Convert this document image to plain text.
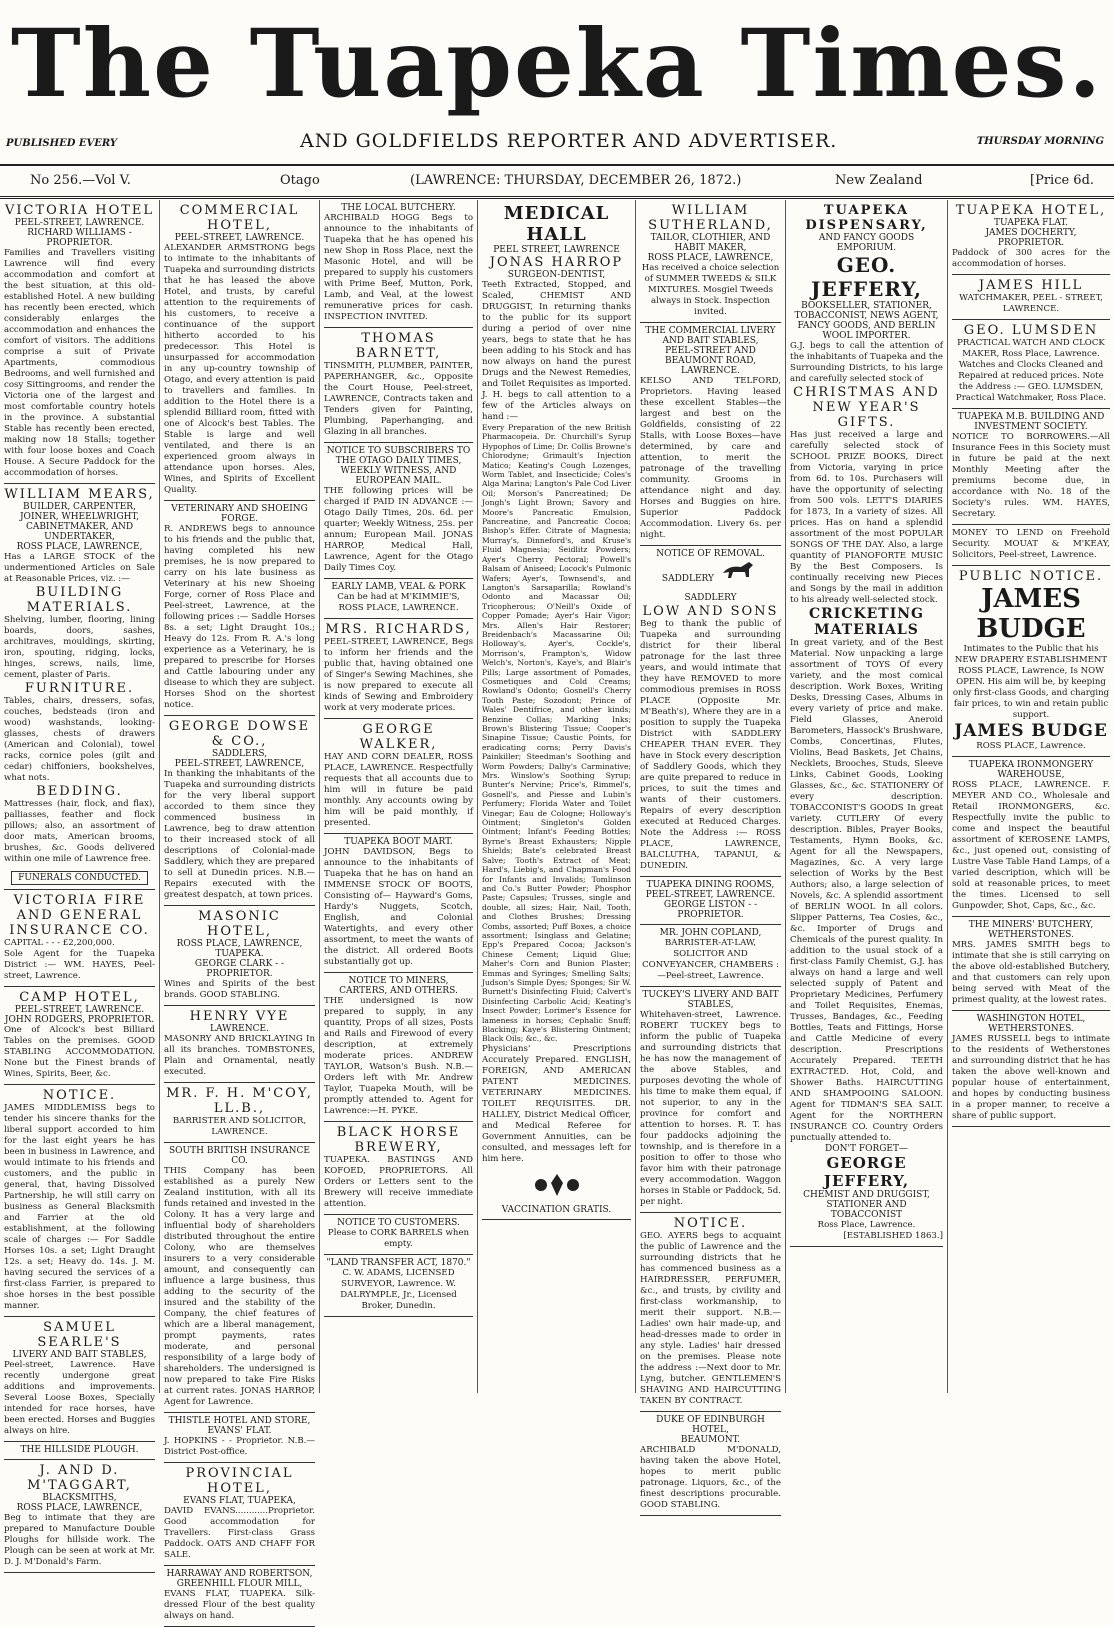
The Tuapeka Times.
PUBLISHED EVERY	AND GOLDFIELDS REPORTER AND ADVERTISER.	THURSDAY MORNING
No 256.—Vol V.	Otago	(LAWRENCE: THURSDAY, DECEMBER 26, 1872.)	New Zealand	[Price 6d.
VICTORIA HOTEL
PEEL-STREET, LAWRENCE.
RICHARD WILLIAMS - PROPRIETOR.
Families and Travellers visiting Lawrence will find every accommodation and comfort at the best situation, at this old-established Hotel. A new building has recently been erected, which considerably enlarges the accommodation and enhances the comfort of visitors. The additions comprise a suit of Private Apartments, commodious Bedrooms, and well furnished and cosy Sittingrooms, and render the Victoria one of the largest and most comfortable country hotels in the province. A substantial Stable has recently been erected, making now 18 Stalls; together with four loose boxes and Coach House. A Secure Paddock for the accommodation of horses.
WILLIAM MEARS,
BUILDER, CARPENTER, JOINER, WHEELWRIGHT, CABINETMAKER, AND UNDERTAKER,
ROSS PLACE, LAWRENCE,
Has a LARGE STOCK of the undermentioned Articles on Sale at Reasonable Prices, viz. :—
BUILDING MATERIALS.
Shelving, lumber, flooring, lining boards, doors, sashes, architraves, mouldings, skirting, iron, spouting, ridging, locks, hinges, screws, nails, lime, cement, plaster of Paris.
FURNITURE.
Tables, chairs, dressers, sofas, couches, bedsteads (iron and wood) washstands, looking-glasses, chests of drawers (American and Colonial), towel racks, cornice poles (gilt and cedar) chiffoniers, bookshelves, what nots.
BEDDING.
Mattresses (hair, flock, and flax), palliasses, feather and flock pillows; also, an assortment of door mats, American brooms, brushes, &c. Goods delivered within one mile of Lawrence free.
FUNERALS CONDUCTED.
VICTORIA FIRE AND GENERAL INSURANCE CO.
CAPITAL - - - £2,200,000.
Sole Agent for the Tuapeka District :— WM. HAYES, Peel-street, Lawrence.
CAMP HOTEL,
PEEL-STREET, LAWRENCE.
JOHN RODGERS, PROPRIETOR.
One of Alcock's best Billiard Tables on the premises. GOOD STABLING ACCOMMODATION. None but the Finest brands of Wines, Spirits, Beer, &c.
NOTICE.
JAMES MIDDLEMISS begs to tender his sincere thanks for the liberal support accorded to him for the last eight years he has been in business in Lawrence, and would intimate to his friends and customers, and the public in general, that, having Dissolved Partnership, he will still carry on business as General Blacksmith and Farrier at the old establishment, at the following scale of charges :— For Saddle Horses 10s. a set; Light Draught 12s. a set; Heavy do. 14s. J. M. having secured the services of a first-class Farrier, is prepared to shoe horses in the best possible manner.
SAMUEL SEARLE'S
LIVERY AND BAIT STABLES,
Peel-street, Lawrence. Have recently undergone great additions and improvements. Several Loose Boxes, Specially intended for race horses, have been erected. Horses and Buggies always on hire.
THE HILLSIDE PLOUGH.
J. AND D. M'TAGGART,
BLACKSMITHS,
ROSS PLACE, LAWRENCE,
Beg to intimate that they are prepared to Manufacture Double Ploughs for hillside work. The Plough can be seen at work at Mr. D. J. M'Donald's Farm.
COMMERCIAL HOTEL,
PEEL-STREET, LAWRENCE.
ALEXANDER ARMSTRONG begs to intimate to the inhabitants of Tuapeka and surrounding districts that he has leased the above Hotel, and trusts, by careful attention to the requirements of his customers, to receive a continuance of the support hitherto accorded to his predecessor. This Hotel is unsurpassed for accommodation in any up-country township of Otago, and every attention is paid to travellers and families. In addition to the Hotel there is a splendid Billiard room, fitted with one of Alcock's best Tables. The Stable is large and well ventilated, and there is an experienced groom always in attendance upon horses. Ales, Wines, and Spirits of Excellent Quality.
VETERINARY AND SHOEING FORGE.
R. ANDREWS begs to announce to his friends and the public that, having completed his new premises, he is now prepared to carry on his late business as Veterinary at his new Shoeing Forge, corner of Ross Place and Peel-street, Lawrence, at the following prices :— Saddle Horses 8s. a set; Light Draught 10s.; Heavy do 12s. From R. A.'s long experience as a Veterinary, he is prepared to prescribe for Horses and Cattle labouring under any disease to which they are subject. Horses Shod on the shortest notice.
GEORGE DOWSE & CO.,
SADDLERS,
PEEL-STREET, LAWRENCE,
In thanking the inhabitants of the Tuapeka and surrounding districts for the very liberal support accorded to them since they commenced business in Lawrence, beg to draw attention to their increased stock of all descriptions of Colonial-made Saddlery, which they are prepared to sell at Dunedin prices. N.B.—Repairs executed with the greatest despatch, at town prices.
MASONIC HOTEL,
ROSS PLACE, LAWRENCE, TUAPEKA.
GEORGE CLARK - - PROPRIETOR.
Wines and Spirits of the best brands. GOOD STABLING.
HENRY VYE
LAWRENCE.
MASONRY AND BRICKLAYING In all its branches. TOMBSTONES, Plain and Ornamental, neatly executed.
MR. F. H. M'COY, LL.B.,
BARRISTER AND SOLICITOR, LAWRENCE.
SOUTH BRITISH INSURANCE CO.
THIS Company has been established as a purely New Zealand institution, with all its funds retained and invested in the Colony. It has a very large and influential body of shareholders distributed throughout the entire Colony, who are themselves insurers to a very considerable amount, and consequently can influence a large business, thus adding to the security of the insured and the stability of the Company, the chief features of which are a liberal management, prompt payments, rates moderate, and personal responsibility of a large body of shareholders. The undersigned is now prepared to take Fire Risks at current rates. JONAS HARROP, Agent for Lawrence.
THISTLE HOTEL AND STORE,
EVANS' FLAT.
J. HOPKINS - - Proprietor. N.B.—District Post-office.
PROVINCIAL HOTEL,
EVANS FLAT, TUAPEKA,
DAVID EVANS............Proprietor. Good accommodation for Travellers. First-class Grass Paddock. OATS AND CHAFF FOR SALE.
HARRAWAY AND ROBERTSON,
GREENHILL FLOUR MILL,
EVANS FLAT, TUAPEKA. Silk-dressed Flour of the best quality always on hand.
THE LOCAL BUTCHERY.
ARCHIBALD HOGG Begs to announce to the inhabitants of Tuapeka that he has opened his new Shop in Ross Place, next the Masonic Hotel, and will be prepared to supply his customers with Prime Beef, Mutton, Pork, Lamb, and Veal, at the lowest remunerative prices for cash. INSPECTION INVITED.
THOMAS BARNETT,
TINSMITH, PLUMBER, PAINTER, PAPERHANGER, &c., Opposite the Court House, Peel-street, LAWRENCE, Contracts taken and Tenders given for Painting, Plumbing, Paperhanging, and Glazing in all branches.
NOTICE TO SUBSCRIBERS TO THE OTAGO DAILY TIMES, WEEKLY WITNESS, AND EUROPEAN MAIL.
THE following prices will be charged if PAID IN ADVANCE :— Otago Daily Times, 20s. 6d. per quarter; Weekly Witness, 25s. per annum; European Mail. JONAS HARROP, Medical Hall, Lawrence, Agent for the Otago Daily Times Coy.
EARLY LAMB, VEAL & PORK
Can be had at M'KIMMIE'S, ROSS PLACE, LAWRENCE.
MRS. RICHARDS,
PEEL-STREET, LAWRENCE, Begs to inform her friends and the public that, having obtained one of Singer's Sewing Machines, she is now prepared to execute all kinds of Sewing and Embroidery work at very moderate prices.
GEORGE WALKER,
HAY AND CORN DEALER, ROSS PLACE, LAWRENCE. Respectfully requests that all accounts due to him will in future be paid monthly. Any accounts owing by him will be paid monthly, if presented.
TUAPEKA BOOT MART.
JOHN DAVIDSON, Begs to announce to the inhabitants of Tuapeka that he has on hand an IMMENSE STOCK OF BOOTS, Consisting of— Hayward's Goms, Hardy's Nuggets, Scotch, English, and Colonial Watertights, and every other assortment, to meet the wants of the district. All ordered Boots substantially got up.
NOTICE TO MINERS, CARTERS, AND OTHERS.
THE undersigned is now prepared to supply, in any quantity, Props of all sizes, Posts and Rails and Firewood of every description, at extremely moderate prices. ANDREW TAYLOR, Watson's Bush. N.B.—Orders left with Mr. Andrew Taylor, Tuapeka Mouth, will be promptly attended to. Agent for Lawrence:—H. PYKE.
BLACK HORSE BREWERY,
TUAPEKA. BASTINGS AND KOFOED, PROPRIETORS. All Orders or Letters sent to the Brewery will receive immediate attention.
NOTICE TO CUSTOMERS.
Please to CORK BARRELS when empty.
"LAND TRANSFER ACT, 1870."
C. W. ADAMS, LICENSED SURVEYOR, Lawrence. W. DALRYMPLE, Jr., Licensed Broker, Dunedin.
MEDICAL HALL
PEEL STREET, LAWRENCE
JONAS HARROP
SURGEON-DENTIST,
Teeth Extracted, Stopped, and Scaled, CHEMIST AND DRUGGIST, In returning thanks to the public for its support during a period of over nine years, begs to state that he has been adding to his Stock and has now always on hand the purest Drugs and the Newest Remedies, and Toilet Requisites as imported. J. H. begs to call attention to a few of the Articles always on hand :—
Every Preparation of the new British Pharmacopeia. Dr. Churchill's Syrup Hypophos of Lime; Dr. Collis Browne's Chlorodyne; Grimault's Injection Matico; Keating's Cough Lozenges, Worm Tablet, and Insecticide; Coles's Alga Marina; Langton's Pale Cod Liver Oil; Morson's Pancreatined; De Jongh's Light Brown; Savory and Moore's Pancreatic Emulsion, Pancreatine, and Pancreatic Cocoa; Bishop's Effer. Citrate of Magnesia; Murray's, Dinneford's, and Kruse's Fluid Magnesia; Seidlitz Powders; Ayer's Cherry Pectoral; Powell's Balsam of Aniseed; Locock's Pulmonic Wafers; Ayer's, Townsend's, and Langton's Sarsaparilla; Rowland's Odonto and Macassar Oil; Tricopherous; O'Neill's Oxide of Copper Pomade; Ayer's Hair Vigor; Mrs. Allen's Hair Restorer; Breidenbach's Macassarine Oil; Holloway's, Ayer's, Cockle's, Morrison's, Frampton's, Widow Welch's, Norton's, Kaye's, and Blair's Pills; Large assortment of Pomades, Cosmetiques and Cold Creams; Rowland's Odonto; Gosnell's Cherry Tooth Paste; Sozodont; Prince of Wales' Dentifrice, and other kinds; Benzine Collas; Marking Inks; Brown's Blistering Tissue; Cooper's Sinapine Tissue; Caustic Points, for eradicating corns; Perry Davis's Painkiller; Steedman's Soothing and Worm Powders; Dalby's Carminative; Mrs. Winslow's Soothing Syrup; Bunter's Nervine; Price's, Rimmel's, Gosnell's, and Piesse and Lubin's Perfumery; Florida Water and Toilet Vinegar; Eau de Cologne; Holloway's Ointment; Singleton's Golden Ointment; Infant's Feeding Bottles; Byrne's Breast Exhausters; Nipple Shields; Bate's celebrated Breast Salve; Tooth's Extract of Meat; Hard's, Liebig's, and Chapman's Food for Infants and Invalids; Tomlinson and Co.'s Butter Powder; Phosphor Paste; Capsules; Trusses, single and double, all sizes; Hair, Nail, Tooth, and Clothes Brushes; Dressing Combs, assorted; Puff Boxes, a choice assortment; Isinglass and Gelatine; Epp's Prepared Cocoa; Jackson's Chinese Cement; Liquid Glue; Maher's Corn and Bunion Plaster; Emmas and Syringes; Smelling Salts; Judson's Simple Dyes; Sponges; Sir W. Burnett's Disinfecting Fluid; Calvert's Disinfecting Carbolic Acid; Keating's Insect Powder; Lorimer's Essence for lameness in horses; Cephalic Snuff; Blacking; Kaye's Blistering Ointment; Black Oils; &c., &c.
Physicians' Prescriptions Accurately Prepared. ENGLISH, FOREIGN, AND AMERICAN PATENT MEDICINES. VETERINARY MEDICINES. TOILET REQUISITES. DR. HALLEY, District Medical Officer, and Medical Referee for Government Annuities, can be consulted, and messages left for him here.
VACCINATION GRATIS.
WILLIAM SUTHERLAND,
TAILOR, CLOTHIER, AND HABIT MAKER,
ROSS PLACE, LAWRENCE,
Has received a choice selection of SUMMER TWEEDS & SILK MIXTURES. Mosgiel Tweeds always in Stock. Inspection invited.
THE COMMERCIAL LIVERY AND BAIT STABLES,
PEEL-STREET AND BEAUMONT ROAD, LAWRENCE.
KELSO AND TELFORD, Proprietors. Having leased these excellent Stables—the largest and best on the Goldfields, consisting of 22 Stalls, with Loose Boxes—have determined, by care and attention, to merit the patronage of the travelling community. Grooms in attendance night and day. Horses and Buggies on hire. Superior Paddock Accommodation. Livery 6s. per night.
NOTICE OF REMOVAL.
SADDLERY  SADDLERY
LOW AND SONS
Beg to thank the public of Tuapeka and surrounding district for their liberal patronage for the last three years, and would intimate that they have REMOVED to more commodious premises in ROSS PLACE (Opposite Mr. M'Beath's), Where they are in a position to supply the Tuapeka District with SADDLERY CHEAPER THAN EVER. They have in Stock every description of Saddlery Goods, which they are quite prepared to reduce in prices, to suit the times and wants of their customers. Repairs of every description executed at Reduced Charges. Note the Address :— ROSS PLACE, LAWRENCE, BALCLUTHA, TAPANUI, & DUNEDIN.
TUAPEKA DINING ROOMS,
PEEL-STREET, LAWRENCE.
GEORGE LISTON - - PROPRIETOR.
MR. JOHN COPLAND,
BARRISTER-AT-LAW, SOLICITOR AND CONVEYANCER, CHAMBERS :—Peel-street, Lawrence.
TUCKEY'S LIVERY AND BAIT STABLES,
Whitehaven-street, Lawrence. ROBERT TUCKEY begs to inform the public of Tuapeka and surrounding districts that he has now the management of the above Stables, and purposes devoting the whole of his time to make them equal, if not superior, to any in the province for comfort and attention to horses. R. T. has four paddocks adjoining the township, and is therefore in a position to offer to those who favor him with their patronage every accommodation. Waggon horses in Stable or Paddock, 5d. per night.
NOTICE.
GEO. AYERS begs to acquaint the public of Lawrence and the surrounding districts that he has commenced business as a HAIRDRESSER, PERFUMER, &c., and trusts, by civility and first-class workmanship, to merit their support. N.B.—Ladies' own hair made-up, and head-dresses made to order in any style. Ladies' hair dressed on the premises. Please note the address :—Next door to Mr. Lyng, butcher. GENTLEMEN'S SHAVING AND HAIRCUTTING TAKEN BY CONTRACT.
DUKE OF EDINBURGH HOTEL,
BEAUMONT.
ARCHIBALD M'DONALD, having taken the above Hotel, hopes to merit public patronage. Liquors, &c., of the finest descriptions procurable. GOOD STABLING.
TUAPEKA DISPENSARY,
AND FANCY GOODS EMPORIUM.
GEO. JEFFERY,
BOOKSELLER, STATIONER, TOBACCONIST, NEWS AGENT, FANCY GOODS, AND BERLIN WOOL IMPORTER.
G.J. begs to call the attention of the inhabitants of Tuapeka and the Surrounding Districts, to his large and carefully selected stock of
CHRISTMAS AND NEW YEAR'S GIFTS.
Has just received a large and carefully selected stock of SCHOOL PRIZE BOOKS, Direct from Victoria, varying in price from 6d. to 10s. Purchasers will have the opportunity of selecting from 500 vols. LETT'S DIARIES for 1873, In a variety of sizes. All prices. Has on hand a splendid assortment of the most POPULAR SONGS OF THE DAY. Also, a large quantity of PIANOFORTE MUSIC By the Best Composers. Is continually receiving new Pieces and Songs by the mail in addition to his already well-selected stock.
CRICKETING MATERIALS
In great variety, and of the Best Material. Now unpacking a large assortment of TOYS Of every variety, and the most comical description. Work Boxes, Writing Desks, Dressing Cases, Albums in every variety of price and make. Field Glasses, Aneroid Barometers, Hassock's Brushware, Combs, Concertinas, Flutes, Violins, Bead Baskets, Jet Chains, Necklets, Brooches, Studs, Sleeve Links, Cabinet Goods, Looking Glasses, &c., &c. STATIONERY Of every description. TOBACCONIST'S GOODS In great variety. CUTLERY Of every description. Bibles, Prayer Books, Testaments, Hymn Books, &c. Agent for all the Newspapers, Magazines, &c. A very large selection of Works by the Best Authors; also, a large selection of Novels, &c. A splendid assortment of BERLIN WOOL In all colors. Slipper Patterns, Tea Cosies, &c., &c. Importer of Drugs and Chemicals of the purest quality. In addition to the usual stock of a first-class Family Chemist, G.J. has always on hand a large and well selected supply of Patent and Proprietary Medicines, Perfumery and Toilet Requisites, Enemas, Trusses, Bandages, &c., Feeding Bottles, Teats and Fittings, Horse and Cattle Medicine of every description. Prescriptions Accurately Prepared. TEETH EXTRACTED. Hot, Cold, and Shower Baths. HAIRCUTTING AND SHAMPOOING SALOON. Agent for TIDMAN'S SEA SALT. Agent for the NORTHERN INSURANCE CO. Country Orders punctually attended to.
DON'T FORGET—
GEORGE JEFFERY,
CHEMIST AND DRUGGIST, STATIONER AND TOBACCONIST
Ross Place, Lawrence.
[ESTABLISHED 1863.]
TUAPEKA HOTEL,
TUAPEKA FLAT.
JAMES DOCHERTY, PROPRIETOR.
Paddock of 300 acres for the accommodation of horses.
JAMES HILL
WATCHMAKER, PEEL - STREET, LAWRENCE.
GEO. LUMSDEN
PRACTICAL WATCH AND CLOCK MAKER, Ross Place, Lawrence. Watches and Clocks Cleaned and Repaired at reduced prices. Note the Address :— GEO. LUMSDEN, Practical Watchmaker, Ross Place.
TUAPEKA M.B. BUILDING AND INVESTMENT SOCIETY.
NOTICE TO BORROWERS.—All Insurance Fees in this Society must in future be paid at the next Monthly Meeting after the premiums become due, in accordance with No. 18 of the Society's rules. WM. HAYES, Secretary.
MONEY TO LEND on Freehold Security. MOUAT & M'KEAY, Solicitors, Peel-street, Lawrence.
PUBLIC NOTICE.
JAMES BUDGE
Intimates to the Public that his NEW DRAPERY ESTABLISHMENT ROSS PLACE, Lawrence, Is NOW OPEN. His aim will be, by keeping only first-class Goods, and charging fair prices, to win and retain public support.
JAMES BUDGE
ROSS PLACE, Lawrence.
TUAPEKA IRONMONGERY WAREHOUSE,
ROSS PLACE, LAWRENCE. F. MEYER AND CO., Wholesale and Retail IRONMONGERS, &c. Respectfully invite the public to come and inspect the beautiful assortment of KEROSENE LAMPS, &c., just opened out, consisting of Lustre Vase Table Hand Lamps, of a varied description, which will be sold at reasonable prices, to meet the times. Licensed to sell Gunpowder, Shot, Caps, &c., &c.
THE MINERS' BUTCHERY,
WETHERSTONES.
MRS. JAMES SMITH begs to intimate that she is still carrying on the above old-established Butchery, and that customers can rely upon being served with Meat of the primest quality, at the lowest rates.
WASHINGTON HOTEL,
WETHERSTONES.
JAMES RUSSELL begs to intimate to the residents of Wetherstones and surrounding district that he has taken the above well-known and popular house of entertainment, and hopes by conducting business in a proper manner, to receive a share of public support.
